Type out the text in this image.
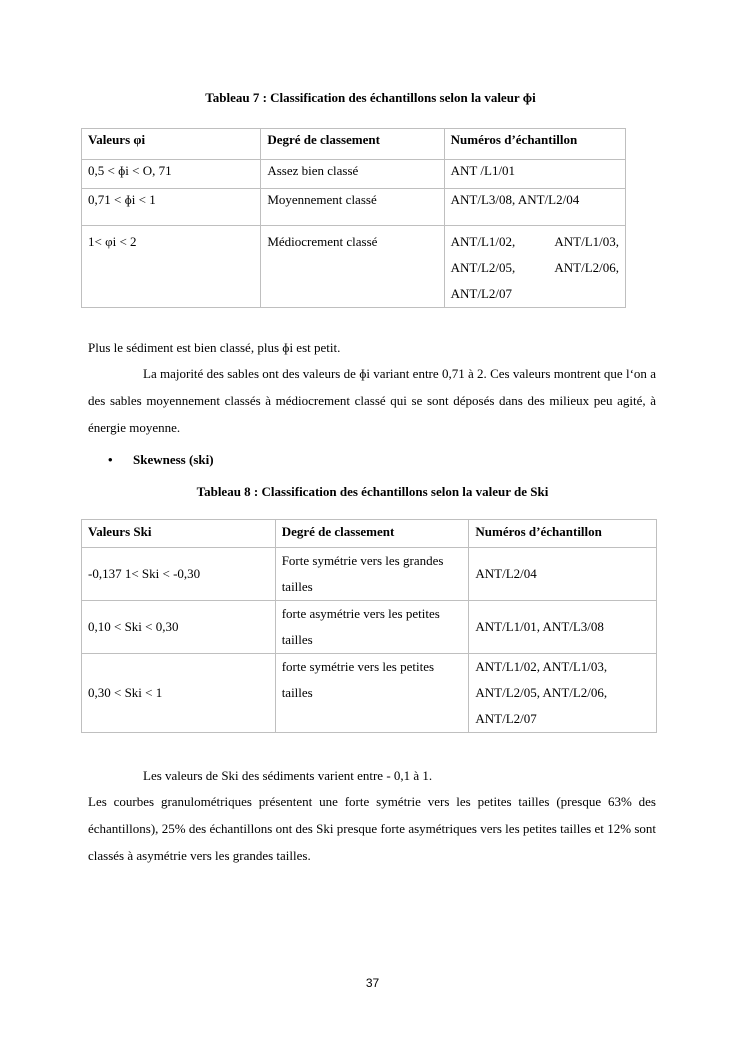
Tableau 7 : Classification des échantillons selon la valeur ɸi
Valeurs φi	Degré de classement	Numéros d’échantillon
0,5 < ɸi < O, 71	Assez bien classé	ANT /L1/01
0,71 < ɸi < 1	Moyennement classé	ANT/L3/08, ANT/L2/04
1< φi < 2	Médiocrement classé	ANT/L1/02, ANT/L1/03,
ANT/L2/05, ANT/L2/06,
ANT/L2/07

Plus le sédiment est bien classé, plus ɸi est petit.

La majorité des sables ont des valeurs de ɸi variant entre 0,71 à 2. Ces valeurs montrent que l‘on a des sables moyennement classés à médiocrement classé qui se sont déposés dans des milieux peu agité, à énergie moyenne.

• Skewness (ski)
Tableau 8 : Classification des échantillons selon la valeur de Ski
Valeurs Ski	Degré de classement	Numéros d’échantillon
-0,137 1< Ski < -0,30	Forte symétrie vers les grandes tailles	ANT/L2/04
0,10 < Ski < 0,30	forte asymétrie vers les petites tailles	ANT/L1/01, ANT/L3/08
0,30 < Ski < 1	forte symétrie vers les petites tailles	ANT/L1/02, ANT/L1/03,
ANT/L2/05, ANT/L2/06,
ANT/L2/07

Les valeurs de Ski des sédiments varient entre - 0,1 à 1.

Les courbes granulométriques présentent une forte symétrie vers les petites tailles (presque 63% des échantillons), 25% des échantillons ont des Ski presque forte asymétriques vers les petites tailles et 12% sont classés à asymétrie vers les grandes tailles.

37
